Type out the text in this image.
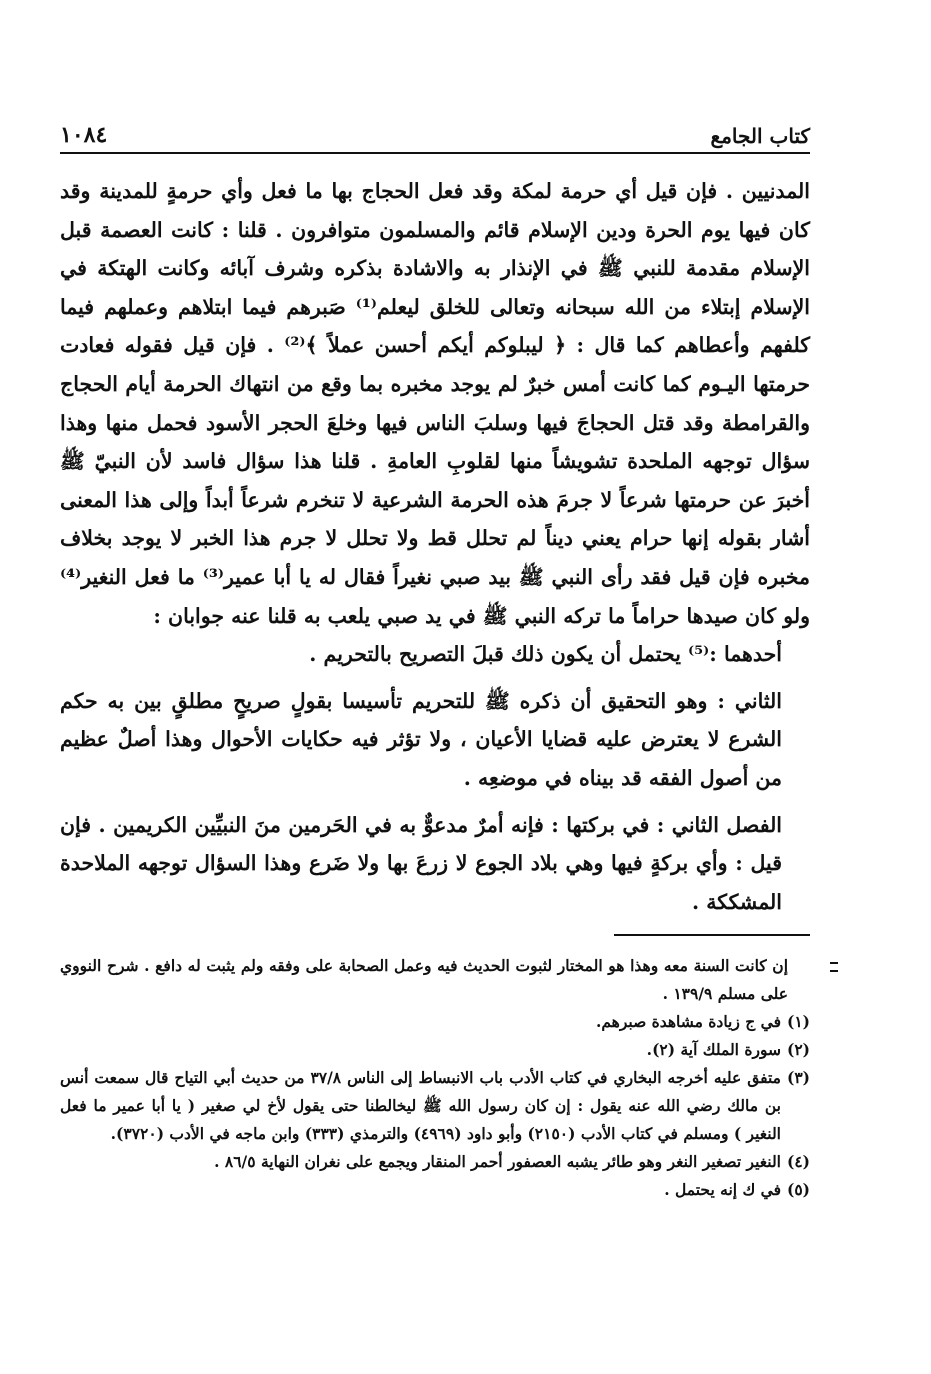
كتاب الجامع
١٠٨٤

المدنيين . فإن قيل أي حرمة لمكة وقد فعل الحجاج بها ما فعل وأي حرمةٍ للمدينة وقد كان فيها يوم الحرة ودين الإسلام قائم والمسلمون متوافرون . قلنا : كانت العصمة قبل الإسلام مقدمة للنبي ﷺ في الإنذار به والاشادة بذكره وشرف آبائه وكانت الهتكة في الإسلام إبتلاء من الله سبحانه وتعالى للخلق ليعلم⁽¹⁾ صَبرهم فيما ابتلاهم وعملهم فيما كلفهم وأعطاهم كما قال : ﴿ ليبلوكم أيكم أحسن عملاً ﴾⁽²⁾ . فإن قيل فقوله فعادت حرمتها اليـوم كما كانت أمس خبرٌ لم يوجد مخبره بما وقع من انتهاك الحرمة أيام الحجاج والقرامطة وقد قتل الحجاجَ فيها وسلبَ الناس فيها وخلعَ الحجر الأسود فحمل منها وهذا سؤال توجهه الملحدة تشويشاً منها لقلوبِ العامةِ . قلنا هذا سؤال فاسد لأن النبيّ ﷺ أخبرَ عن حرمتها شرعاً لا جرمَ هذه الحرمة الشرعية لا تنخرم شرعاً أبداً وإلى هذا المعنى أشار بقوله إنها حرام يعني ديناً لم تحلل قط ولا تحلل لا جرم هذا الخبر لا يوجد بخلاف مخبره فإن قيل فقد رأى النبي ﷺ بيد صبي نغيراً فقال له يا أبا عمير⁽³⁾ ما فعل النغير⁽⁴⁾ ولو كان صيدها حراماً ما تركه النبي ﷺ في يد صبي يلعب به قلنا عنه جوابان :

أحدهما :⁽⁵⁾ يحتمل أن يكون ذلك قبلَ التصريح بالتحريم .

الثاني : وهو التحقيق أن ذكره ﷺ للتحريم تأسيسا بقولٍ صريحٍ مطلقٍ بين به حكم الشرع لا يعترض عليه قضايا الأعيان ، ولا تؤثر فيه حكايات الأحوال وهذا أصلٌ عظيم من أصول الفقه قد بيناه في موضعِه .

الفصل الثاني : في بركتها : فإنه أمرٌ مدعوٌّ به في الحَرمين منَ النبيِّين الكريمين . فإن قيل : وأي بركةٍ فيها وهي بلاد الجوع لا زرعَ بها ولا ضَرع وهذا السؤال توجهه الملاحدة المشككة .

إن كانت السنة معه وهذا هو المختار لثبوت الحديث فيه وعمل الصحابة على وفقه ولم يثبت له دافع . شرح النووي على مسلم ١٣٩/٩ .
(١)
في ج زيادة مشاهدة صبرهم.
(٢)
سورة الملك آية (٢).
(٣)
متفق عليه أخرجه البخاري في كتاب الأدب باب الانبساط إلى الناس ٣٧/٨ من حديث أبي التياح قال سمعت أنس بن مالك رضي الله عنه يقول : إن كان رسول الله ﷺ ليخالطنا حتى يقول لأخ لي صغير ( يا أبا عمير ما فعل النغير ) ومسلم في كتاب الأدب (٢١٥٠) وأبو داود (٤٩٦٩) والترمذي (٣٣٣) وابن ماجه في الأدب (٣٧٢٠).
(٤)
النغير تصغير النغر وهو طائر يشبه العصفور أحمر المنقار ويجمع على نغران النهاية ٨٦/٥ .
(٥)
في ك إنه يحتمل .
